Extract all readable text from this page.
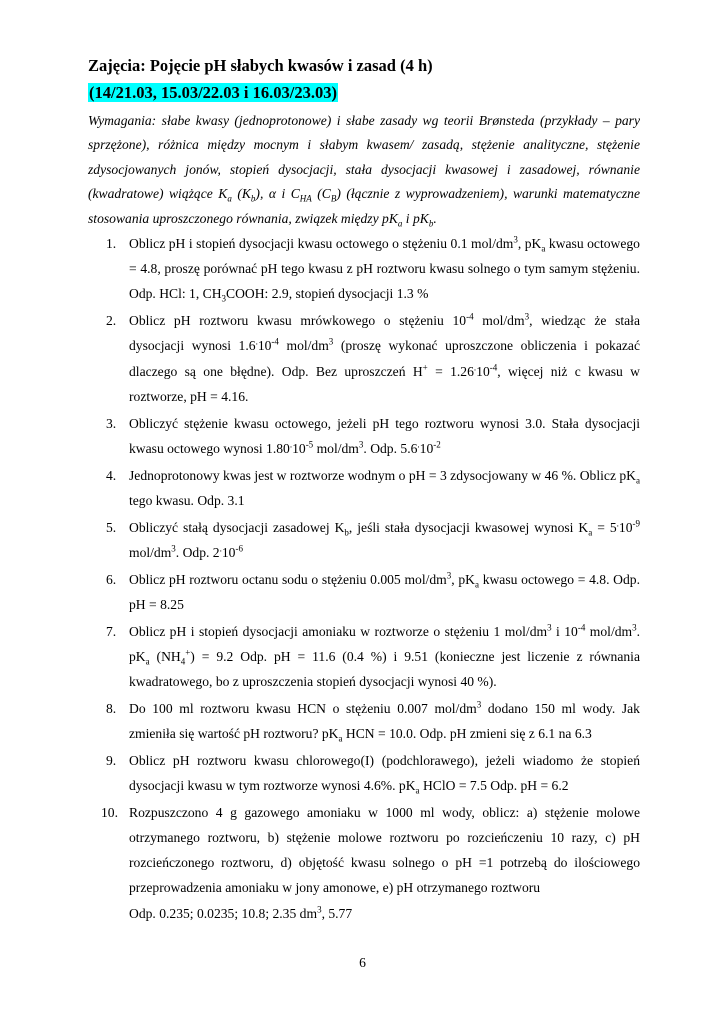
Zajęcia: Pojęcie pH słabych kwasów i zasad (4 h)
(14/21.03, 15.03/22.03 i 16.03/23.03)

Wymagania: słabe kwasy (jednoprotonowe) i słabe zasady wg teorii Brønsteda (przykłady – pary sprzężone), różnica między mocnym i słabym kwasem/ zasadą, stężenie analityczne, stężenie zdysocjowanych jonów, stopień dysocjacji, stała dysocjacji kwasowej i zasadowej, równanie (kwadratowe) wiążące $K_a$ $(K_b)$, α i $C_{HA}$ $(C_B)$ (łącznie z wyprowadzeniem), warunki matematyczne stosowania uproszczonego równania, związek między $pK_a$ i $pK_b$.

1. Oblicz pH i stopień dysocjacji kwasu octowego o stężeniu 0.1 mol/$dm^3$, $pK_a$ kwasu octowego = 4.8, proszę porównać pH tego kwasu z pH roztworu kwasu solnego o tym samym stężeniu. Odp. HCl: 1, $CH_3COOH$: 2.9, stopień dysocjacji 1.3 %
2. Oblicz pH roztworu kwasu mrówkowego o stężeniu $10^{-4}$ mol/$dm^3$, wiedząc że stała dysocjacji wynosi $1.6^.10^{-4}$ mol/$dm^3$ (proszę wykonać uproszczone obliczenia i pokazać dlaczego są one błędne). Odp. Bez uproszczeń $H^+ = 1.26^.10^{-4}$, więcej niż c kwasu w roztworze, pH = 4.16.
3. Obliczyć stężenie kwasu octowego, jeżeli pH tego roztworu wynosi 3.0. Stała dysocjacji kwasu octowego wynosi $1.80^.10^{-5}$ mol/$dm^3$. Odp. $5.6^.10^{-2}$
4. Jednoprotonowy kwas jest w roztworze wodnym o pH = 3 zdysocjowany w 46 %. Oblicz $pK_a$ tego kwasu. Odp. 3.1
5. Obliczyć stałą dysocjacji zasadowej $K_b$, jeśli stała dysocjacji kwasowej wynosi $K_a = 5^.10^{-9}$ mol/$dm^3$. Odp. $2^.10^{-6}$
6. Oblicz pH roztworu octanu sodu o stężeniu 0.005 mol/$dm^3$, $pK_a$ kwasu octowego = 4.8. Odp. pH = 8.25
7. Oblicz pH i stopień dysocjacji amoniaku w roztworze o stężeniu 1 mol/$dm^3$ i $10^{-4}$ mol/$dm^3$. $pK_a$ $(NH_4^+) = 9.2$ Odp. pH = 11.6 (0.4 %) i 9.51 (konieczne jest liczenie z równania kwadratowego, bo z uproszczenia stopień dysocjacji wynosi 40 %).
8. Do 100 ml roztworu kwasu HCN o stężeniu 0.007 mol/$dm^3$ dodano 150 ml wody. Jak zmieniła się wartość pH roztworu? $pK_a$ HCN = 10.0. Odp. pH zmieni się z 6.1 na 6.3
9. Oblicz pH roztworu kwasu chlorowego(I) (podchlorawego), jeżeli wiadomo że stopień dysocjacji kwasu w tym roztworze wynosi 4.6%. $pK_a$ HClO = 7.5 Odp. pH = 6.2
10. Rozpuszczono 4 g gazowego amoniaku w 1000 ml wody, oblicz: a) stężenie molowe otrzymanego roztworu, b) stężenie molowe roztworu po rozcieńczeniu 10 razy, c) pH rozcieńczonego roztworu, d) objętość kwasu solnego o pH =1 potrzebą do ilościowego przeprowadzenia amoniaku w jony amonowe, e) pH otrzymanego roztworu
Odp. 0.235; 0.0235; 10.8; 2.35 $dm^3$, 5.77
6
